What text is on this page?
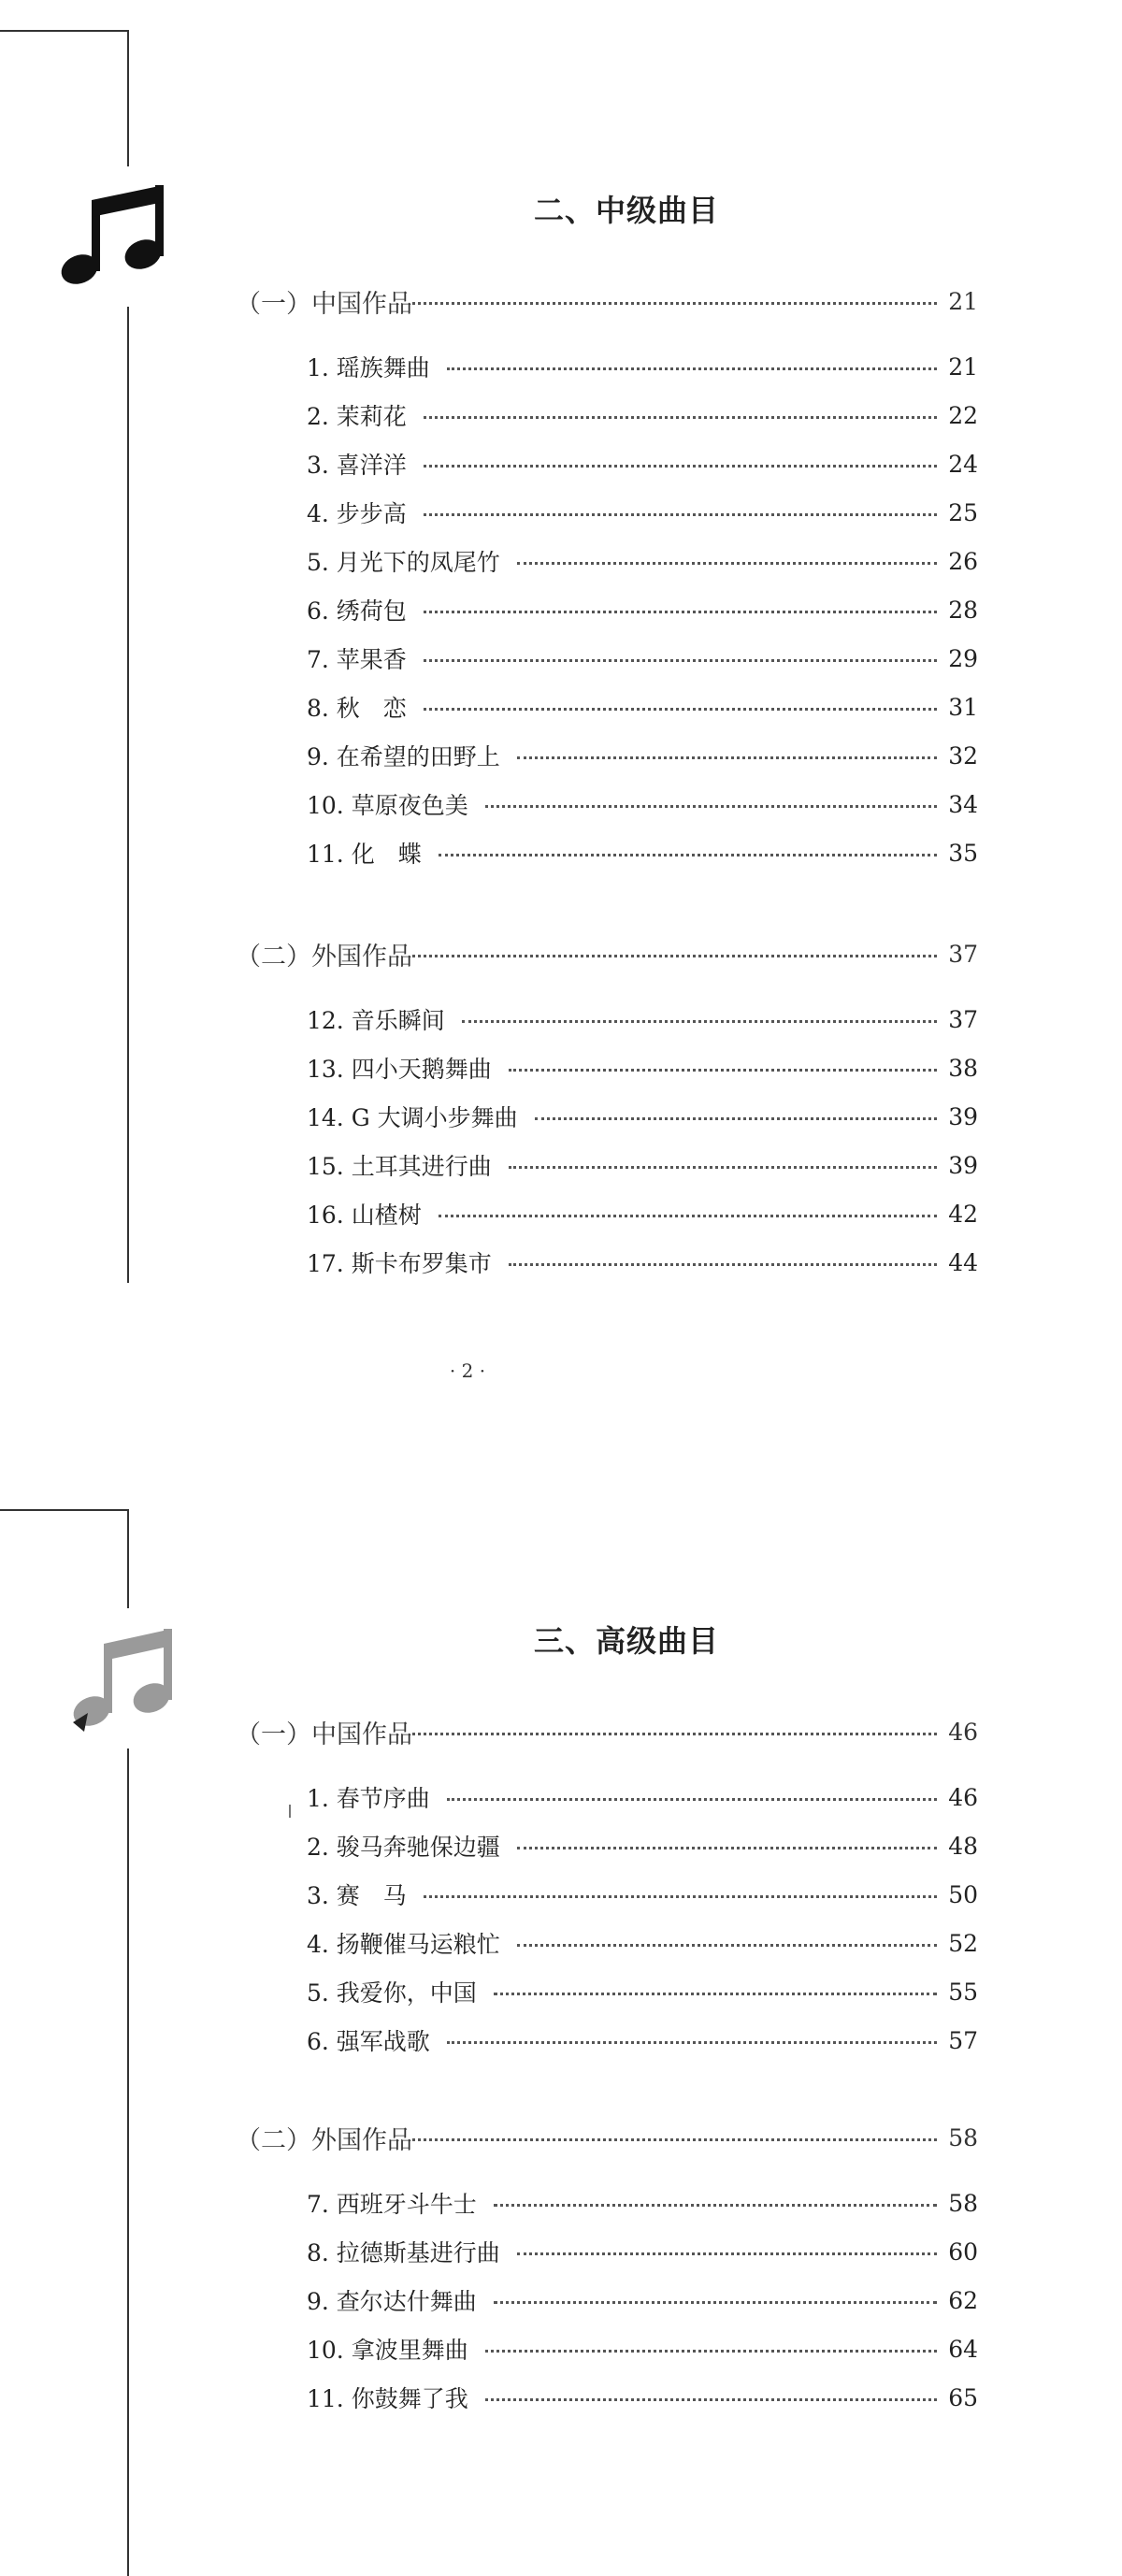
二、中级曲目
（一）中国作品	21
1. 瑶族舞曲	21
2. 茉莉花	22
3. 喜洋洋	24
4. 步步高	25
5. 月光下的凤尾竹	26
6. 绣荷包	28
7. 苹果香	29
8. 秋　恋	31
9. 在希望的田野上	32
10. 草原夜色美	34
11. 化　蝶	35
（二）外国作品	37
12. 音乐瞬间	37
13. 四小天鹅舞曲	38
14. G 大调小步舞曲	39
15. 土耳其进行曲	39
16. 山楂树	42
17. 斯卡布罗集市	44
· 2 ·
三、高级曲目
（一）中国作品	46
1. 春节序曲	46
2. 骏马奔驰保边疆	48
3. 赛　马	50
4. 扬鞭催马运粮忙	52
5. 我爱你，中国	55
6. 强军战歌	57
（二）外国作品	58
7. 西班牙斗牛士	58
8. 拉德斯基进行曲	60
9. 查尔达什舞曲	62
10. 拿波里舞曲	64
11. 你鼓舞了我	65
